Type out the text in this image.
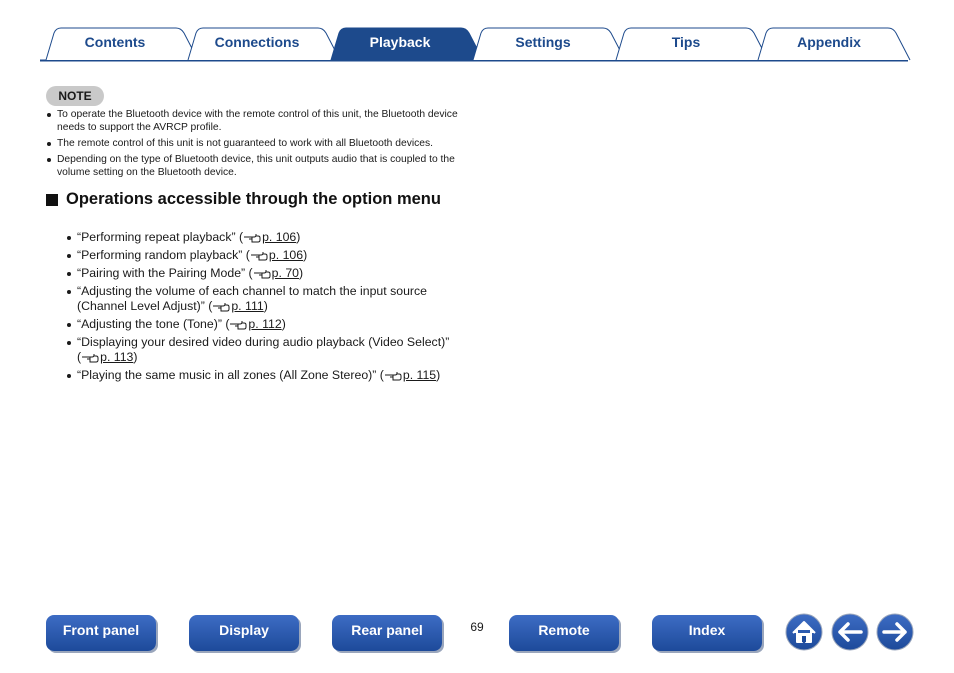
Contents	Connections	Playback	Settings	Tips	Appendix
NOTE
To operate the Bluetooth device with the remote control of this unit, the Bluetooth device needs to support the AVRCP profile.
The remote control of this unit is not guaranteed to work with all Bluetooth devices.
Depending on the type of Bluetooth device, this unit outputs audio that is coupled to the volume setting on the Bluetooth device.
Operations accessible through the option menu
“Performing repeat playback” ( p. 106)
“Performing random playback” ( p. 106)
“Pairing with the Pairing Mode” ( p. 70)
“Adjusting the volume of each channel to match the input source (Channel Level Adjust)” ( p. 111)
“Adjusting the tone (Tone)” ( p. 112)
“Displaying your desired video during audio playback (Video Select)” ( p. 113)
“Playing the same music in all zones (All Zone Stereo)” ( p. 115)
Front panel	Display	Rear panel	69	Remote	Index
